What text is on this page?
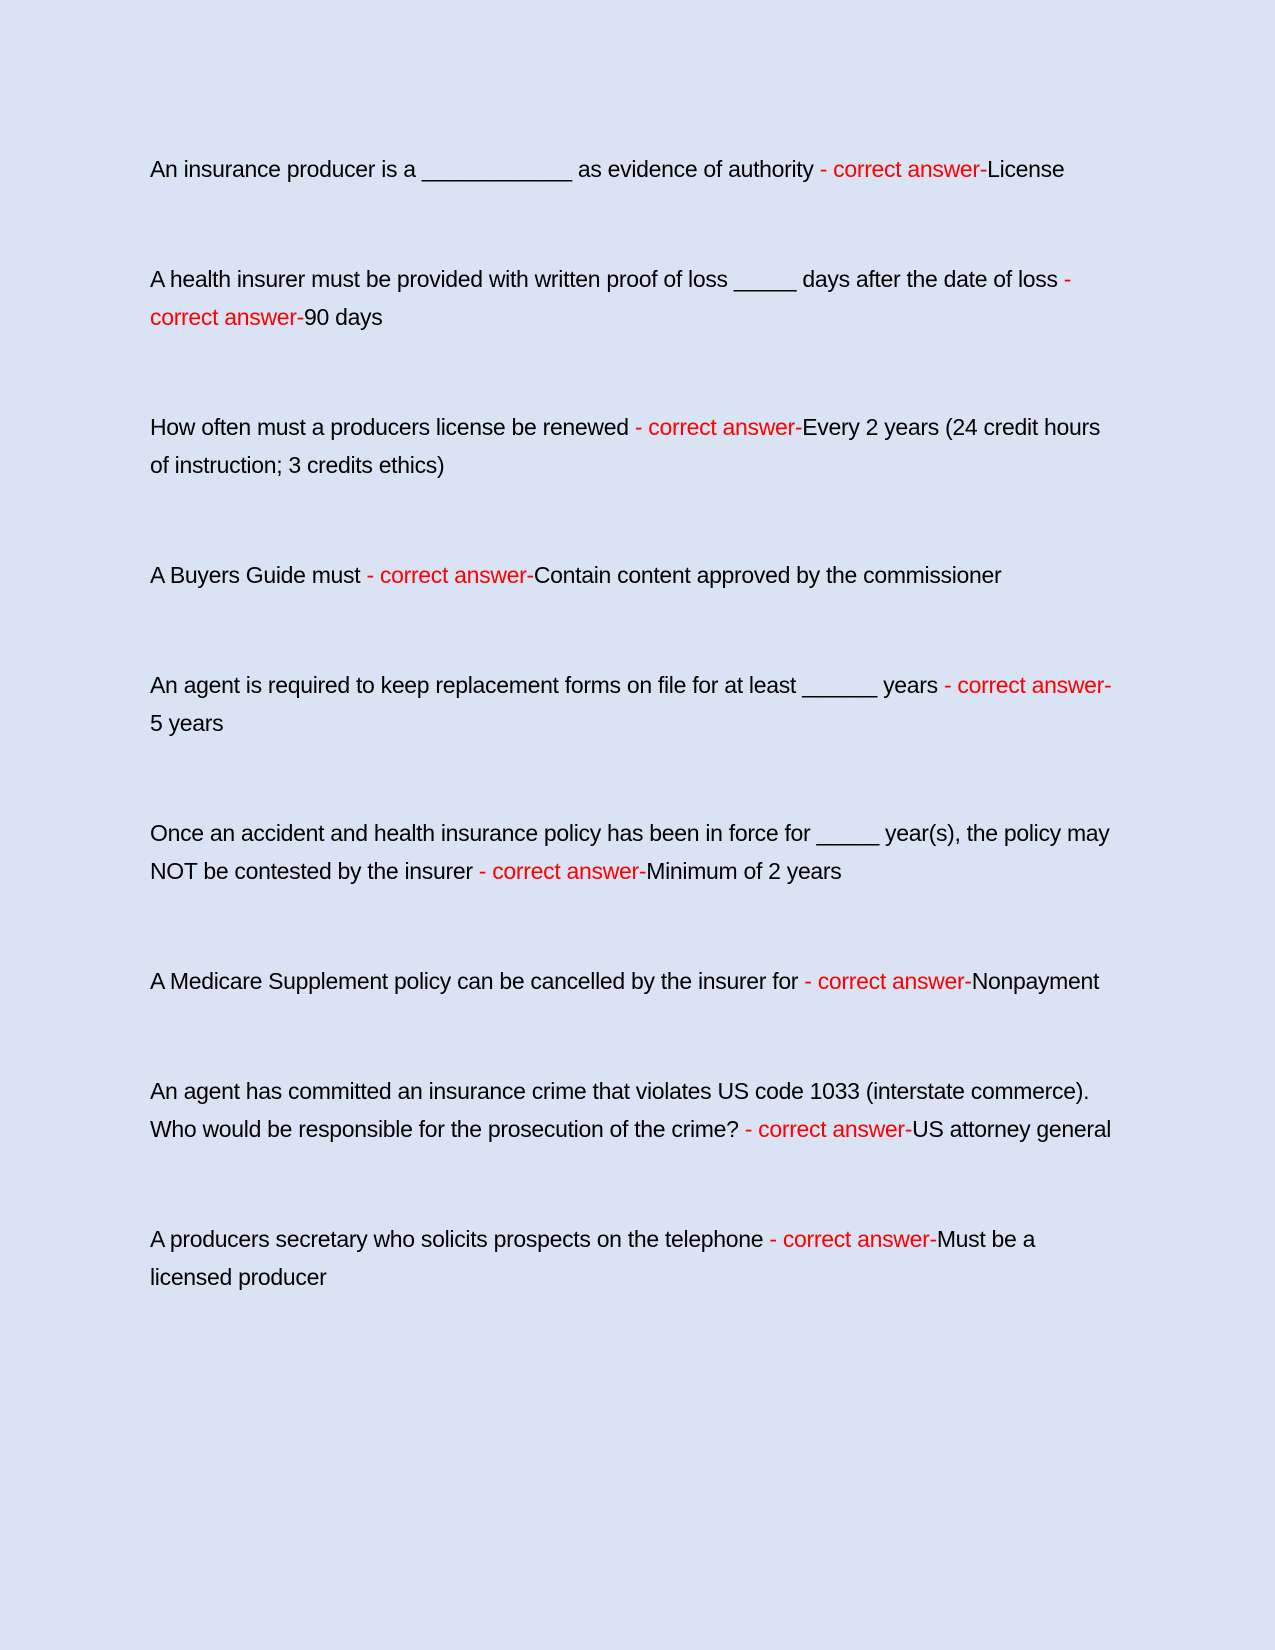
An insurance producer is a ____________ as evidence of authority - correct answer-License

A health insurer must be provided with written proof of loss _____ days after the date of loss - correct answer-90 days

How often must a producers license be renewed - correct answer-Every 2 years (24 credit hours of instruction; 3 credits ethics)

A Buyers Guide must - correct answer-Contain content approved by the commissioner

An agent is required to keep replacement forms on file for at least ______ years - correct answer-5 years

Once an accident and health insurance policy has been in force for _____ year(s), the policy may NOT be contested by the insurer - correct answer-Minimum of 2 years

A Medicare Supplement policy can be cancelled by the insurer for - correct answer-Nonpayment

An agent has committed an insurance crime that violates US code 1033 (interstate commerce). Who would be responsible for the prosecution of the crime? - correct answer-US attorney general

A producers secretary who solicits prospects on the telephone - correct answer-Must be a licensed producer
